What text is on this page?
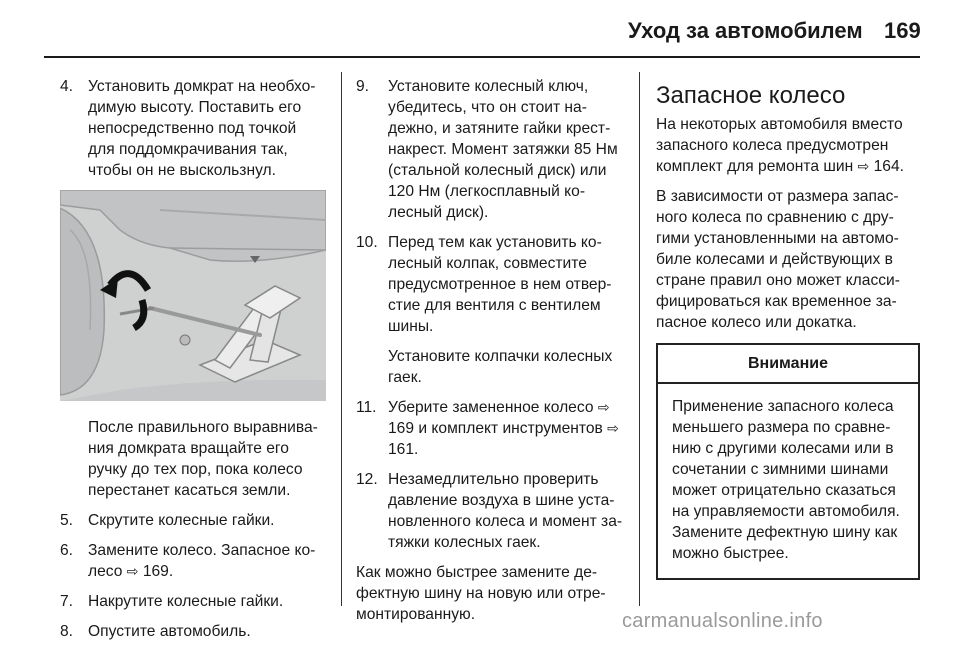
Уход за автомобилем 169
4. Установить домкрат на необхо-димую высоту. Поставить его непосредственно под точкой для поддомкрачивания так, чтобы он не выскользнул.
После правильного выравнива-ния домкрата вращайте его ручку до тех пор, пока колесо перестанет касаться земли.
5. Скрутите колесные гайки.
6. Замените колесо. Запасное ко-лесо ⇨ 169.
7. Накрутите колесные гайки.
8. Опустите автомобиль.
9.	Установите колесный ключ, убедитесь, что он стоит на-дежно, и затяните гайки крест-накрест. Момент затяжки 85 Нм (стальной колесный диск) или 120 Нм (легкосплавный ко-лесный диск).
10. Перед тем как установить ко-лесный колпак, совместите предусмотренное в нем отвер-стие для вентиля с вентилем шины.
Установите колпачки колесных гаек.
11. Уберите замененное колесо ⇨ 169 и комплект инструментов ⇨ 161.
12. Незамедлительно проверить давление воздуха в шине уста-новленного колеса и момент за-тяжки колесных гаек.
Как можно быстрее замените де-фектную шину на новую или отре-монтированную.
Запасное колесо
На некоторых автомобиля вместо запасного колеса предусмотрен комплект для ремонта шин ⇨ 164.
В зависимости от размера запас-ного колеса по сравнению с дру-гими установленными на автомо-биле колесами и действующих в стране правил оно может класси-фицироваться как временное за-пасное колесо или докатка.
Внимание
Применение запасного колеса меньшего размера по сравне-нию с другими колесами или в сочетании с зимними шинами может отрицательно сказаться на управляемости автомобиля. Замените дефектную шину как можно быстрее.
carmanualsonline.info
